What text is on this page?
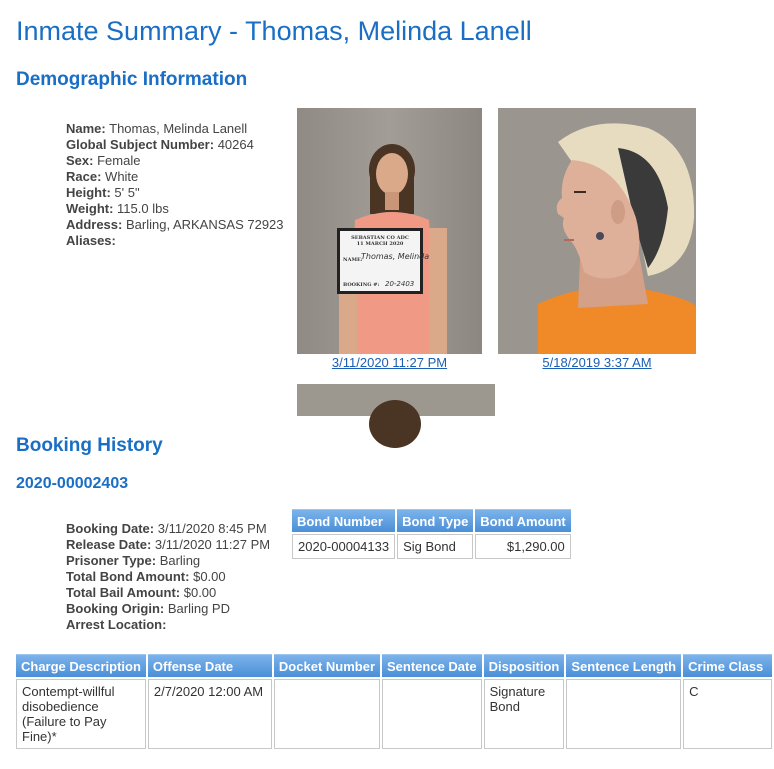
Inmate Summary - Thomas, Melinda Lanell
Demographic Information
Name: Thomas, Melinda Lanell
Global Subject Number: 40264
Sex: Female
Race: White
Height: 5' 5"
Weight: 115.0 lbs
Address: Barling, ARKANSAS 72923
Aliases:	SEBASTIAN CO ADC
11 MARCH 2020
NAME:
Thomas, Melinda
BOOKING #: 20-2403
3/11/2020 11:27 PM	5/18/2019 3:37 AM
Booking History
2020-00002403
Booking Date: 3/11/2020 8:45 PM
Release Date: 3/11/2020 11:27 PM
Prisoner Type: Barling
Total Bond Amount: $0.00
Total Bail Amount: $0.00
Booking Origin: Barling PD
Arrest Location:
Bond Number	Bond Type	Bond Amount
2020-00004133	Sig Bond	$1,290.00
Charge Description	Offense Date	Docket Number	Sentence Date	Disposition	Sentence Length	Crime Class
Contempt-willful disobedience (Failure to Pay Fine)*	2/7/2020 12:00 AM			Signature Bond		C
